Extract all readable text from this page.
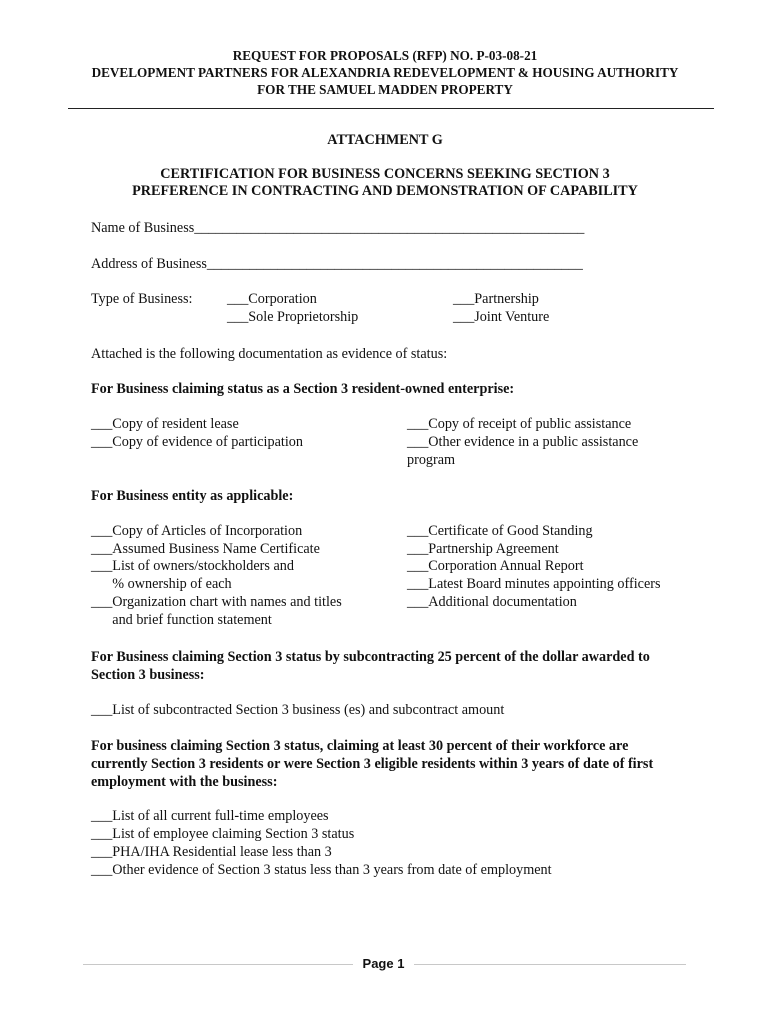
REQUEST FOR PROPOSALS (RFP) NO. P-03-08-21
DEVELOPMENT PARTNERS FOR ALEXANDRIA REDEVELOPMENT & HOUSING AUTHORITY
FOR THE SAMUEL MADDEN PROPERTY
ATTACHMENT G
CERTIFICATION FOR BUSINESS CONCERNS SEEKING SECTION 3
PREFERENCE IN CONTRACTING AND DEMONSTRATION OF CAPABILITY
Name of Business_______________________________________________________
Address of Business_____________________________________________________
Type of Business: ___Corporation
___Sole Proprietorship
___Partnership
___Joint Venture
Attached is the following documentation as evidence of status:
For Business claiming status as a Section 3 resident-owned enterprise:
___Copy of resident lease
___Copy of evidence of participation
___Copy of receipt of public assistance
___Other evidence in a public assistance
program
For Business entity as applicable:
___Copy of Articles of Incorporation
___Assumed Business Name Certificate
___List of owners/stockholders and
% ownership of each
___Organization chart with names and titles
and brief function statement
___Certificate of Good Standing
___Partnership Agreement
___Corporation Annual Report
___Latest Board minutes appointing officers
___Additional documentation
For Business claiming Section 3 status by subcontracting 25 percent of the dollar awarded to Section 3 business:
___List of subcontracted Section 3 business (es) and subcontract amount
For business claiming Section 3 status, claiming at least 30 percent of their workforce are currently Section 3 residents or were Section 3 eligible residents within 3 years of date of first employment with the business:
___List of all current full-time employees
___List of employee claiming Section 3 status
___PHA/IHA Residential lease less than 3
___Other evidence of Section 3 status less than 3 years from date of employment
Page 1
